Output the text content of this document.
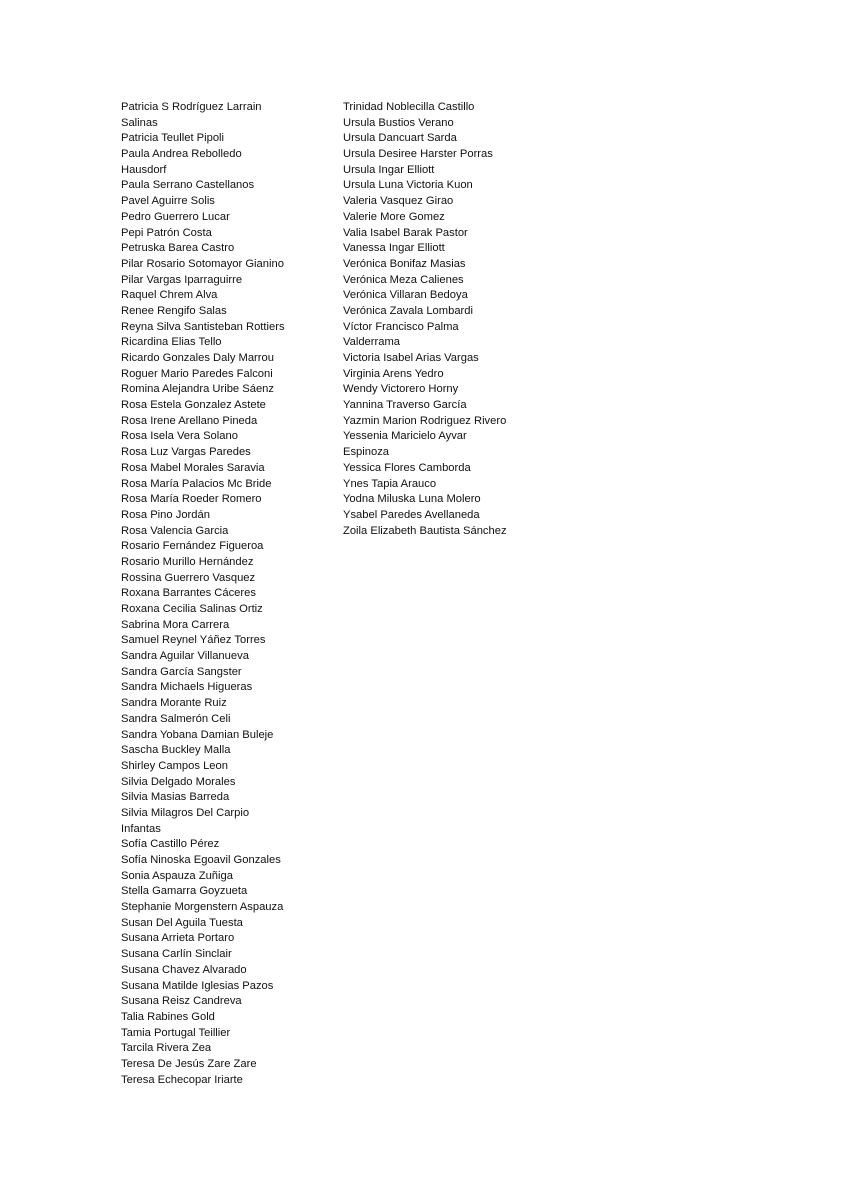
Patricia S Rodríguez Larrain
Salinas
Patricia Teullet Pipoli
Paula Andrea Rebolledo
Hausdorf
Paula Serrano Castellanos
Pavel Aguirre Solis
Pedro Guerrero Lucar
Pepi Patrón Costa
Petruska Barea Castro
Pilar Rosario Sotomayor Gianino
Pilar Vargas Iparraguirre
Raquel Chrem Alva
Renee Rengifo Salas
Reyna Silva Santisteban Rottiers
Ricardina Elias Tello
Ricardo Gonzales Daly Marrou
Roguer Mario Paredes Falconi
Romina Alejandra Uribe Sáenz
Rosa Estela Gonzalez Astete
Rosa Irene Arellano Pineda
Rosa Isela Vera Solano
Rosa Luz Vargas Paredes
Rosa Mabel Morales Saravia
Rosa María Palacios Mc Bride
Rosa María Roeder Romero
Rosa Pino Jordán
Rosa Valencia Garcia
Rosario Fernández Figueroa
Rosario Murillo Hernández
Rossina Guerrero Vasquez
Roxana Barrantes Cáceres
Roxana Cecilia Salinas Ortiz
Sabrina Mora Carrera
Samuel Reynel Yáñez Torres
Sandra Aguilar Villanueva
Sandra García Sangster
Sandra Michaels Higueras
Sandra Morante Ruiz
Sandra Salmerón Celi
Sandra Yobana Damian Buleje
Sascha Buckley Malla
Shirley Campos Leon
Silvia Delgado Morales
Silvia Masias Barreda
Silvia Milagros Del Carpio
Infantas
Sofía Castillo Pérez
Sofía Ninoska Egoavil Gonzales
Sonia Aspauza Zuñiga
Stella Gamarra Goyzueta
Stephanie Morgenstern Aspauza
Susan Del Aguila Tuesta
Susana Arrieta Portaro
Susana Carlín Sinclair
Susana Chavez Alvarado
Susana Matilde Iglesias Pazos
Susana Reisz Candreva
Talia Rabines Gold
Tamia Portugal Teillier
Tarcila Rivera Zea
Teresa De Jesús Zare Zare
Teresa Echecopar Iriarte
Trinidad Noblecilla Castillo
Ursula Bustios Verano
Ursula Dancuart Sarda
Ursula Desiree Harster Porras
Ursula Ingar Elliott
Ursula Luna Victoria Kuon
Valeria Vasquez Girao
Valerie More Gomez
Valia Isabel Barak Pastor
Vanessa Ingar Elliott
Verónica Bonifaz Masias
Verónica Meza Calienes
Verónica Villaran Bedoya
Verónica Zavala Lombardi
Víctor Francisco Palma
Valderrama
Victoria Isabel Arias Vargas
Virginia Arens Yedro
Wendy Victorero Horny
Yannina Traverso García
Yazmin Marion Rodriguez Rivero
Yessenia Maricielo Ayvar
Espinoza
Yessica Flores Camborda
Ynes Tapia Arauco
Yodna Miluska Luna Molero
Ysabel Paredes Avellaneda
Zoila Elizabeth Bautista Sánchez
